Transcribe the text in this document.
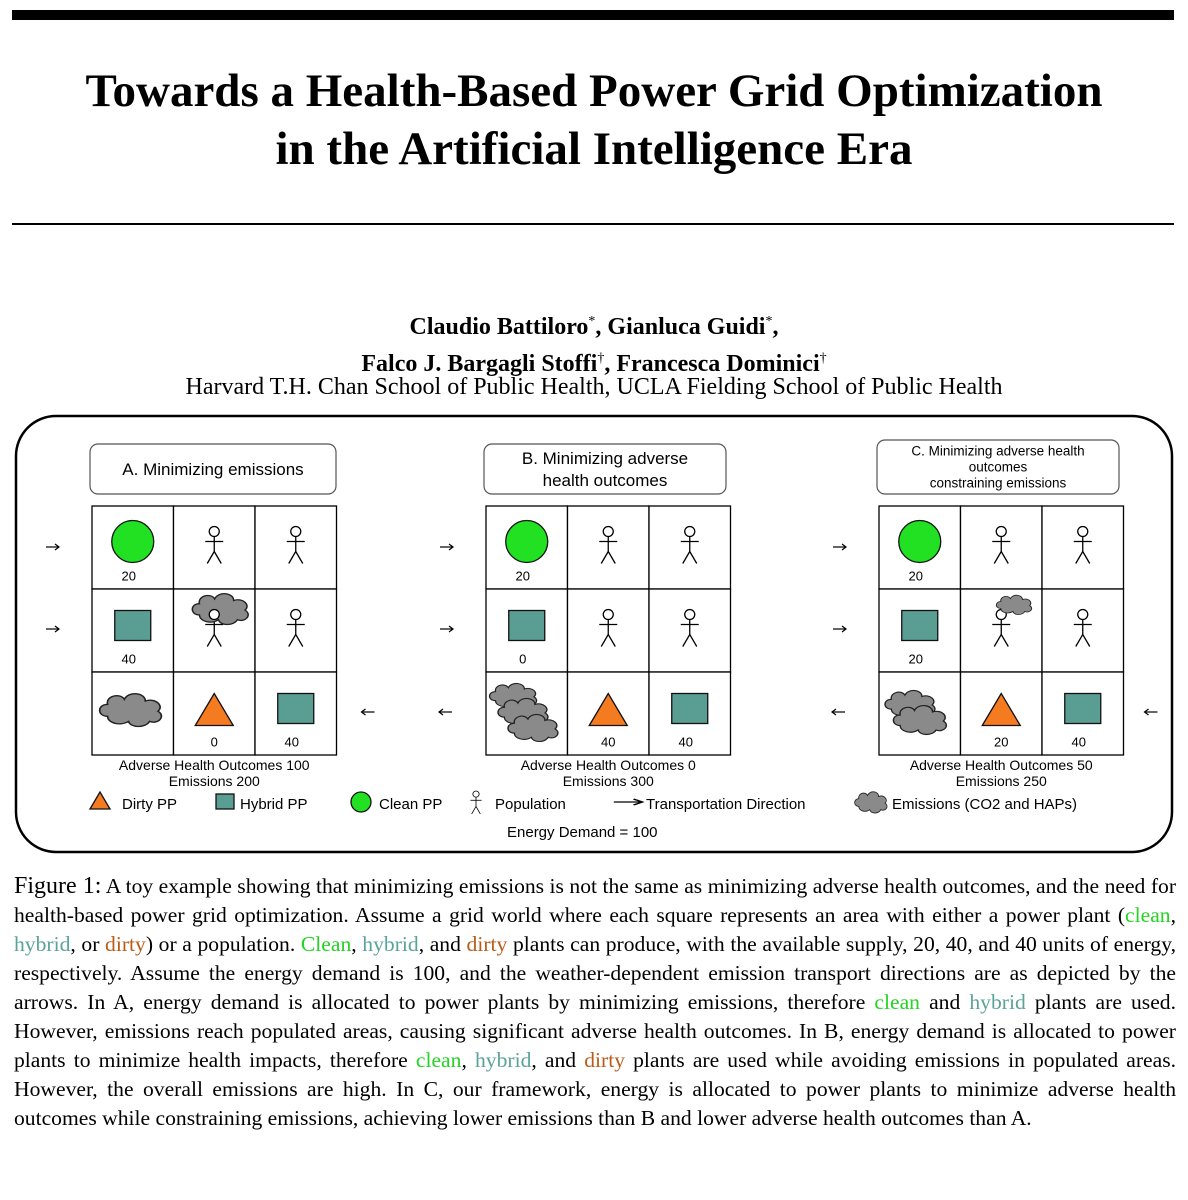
Towards a Health-Based Power Grid Optimization
in the Artificial Intelligence Era
Claudio Battiloro*, Gianluca Guidi*,
Falco J. Bargagli Stoffi†, Francesca Dominici†
Harvard T.H. Chan School of Public Health, UCLA Fielding School of Public Health
A. Minimizing emissions
20
40
0	40
Adverse Health Outcomes 100
Emissions 200
B. Minimizing adverse
health outcomes
20
0
40	40
Adverse Health Outcomes 0
Emissions 300
C. Minimizing adverse health
outcomes
constraining emissions
20
20
20	40
Adverse Health Outcomes 50
Emissions 250
Dirty PP	Hybrid PP	Clean PP	Population	Transportation Direction	Emissions (CO2 and HAPs)
Energy Demand = 100
Figure 1: A toy example showing that minimizing emissions is not the same as minimizing adverse health outcomes, and the need for health-based power grid optimization. Assume a grid world where each square represents an area with either a power plant (clean, hybrid, or dirty) or a population. Clean, hybrid, and dirty plants can produce, with the available supply, 20, 40, and 40 units of energy, respectively. Assume the energy demand is 100, and the weather-dependent emission transport directions are as depicted by the arrows. In A, energy demand is allocated to power plants by minimizing emissions, therefore clean and hybrid plants are used. However, emissions reach populated areas, causing significant adverse health outcomes. In B, energy demand is allocated to power plants to minimize health impacts, therefore clean, hybrid, and dirty plants are used while avoiding emissions in populated areas. However, the overall emissions are high. In C, our framework, energy is allocated to power plants to minimize adverse health outcomes while constraining emissions, achieving lower emissions than B and lower adverse health outcomes than A.
